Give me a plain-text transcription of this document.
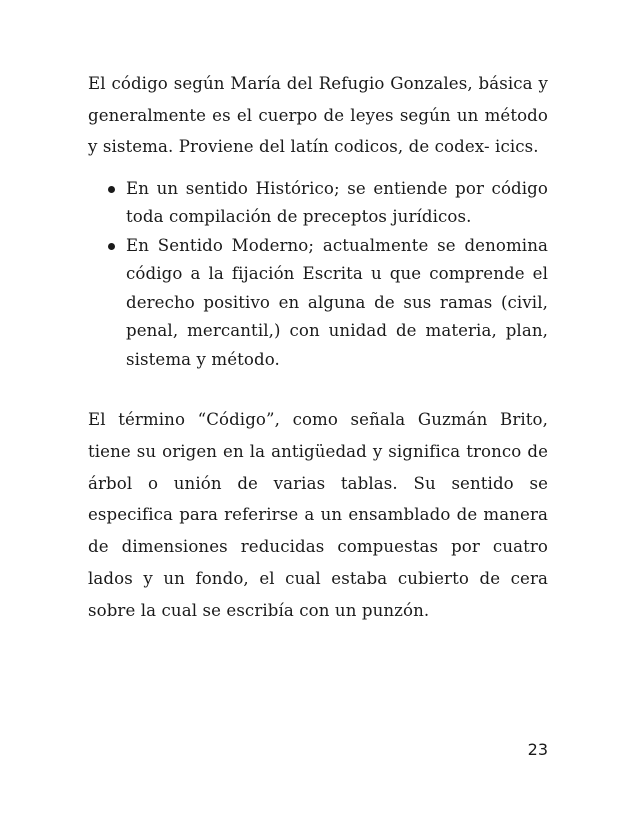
El código según María del Refugio Gonzales, básica y generalmente es el cuerpo de leyes según un método y sistema. Proviene del latín codicos, de codex- icics.

En un sentido Histórico; se entiende por código toda compilación de preceptos jurídicos.
En Sentido Moderno; actualmente se denomina código a la fijación Escrita u que comprende el derecho positivo en alguna de sus ramas (civil, penal, mercantil,) con unidad de materia, plan, sistema y método.

El término “Código”, como señala Guzmán Brito, tiene su origen en la antigüedad y significa tronco de árbol o unión de varias tablas. Su sentido se especifica para referirse a un ensamblado de manera de dimensiones reducidas compuestas por cuatro lados y un fondo, el cual estaba cubierto de cera sobre la cual se escribía con un punzón.

23
